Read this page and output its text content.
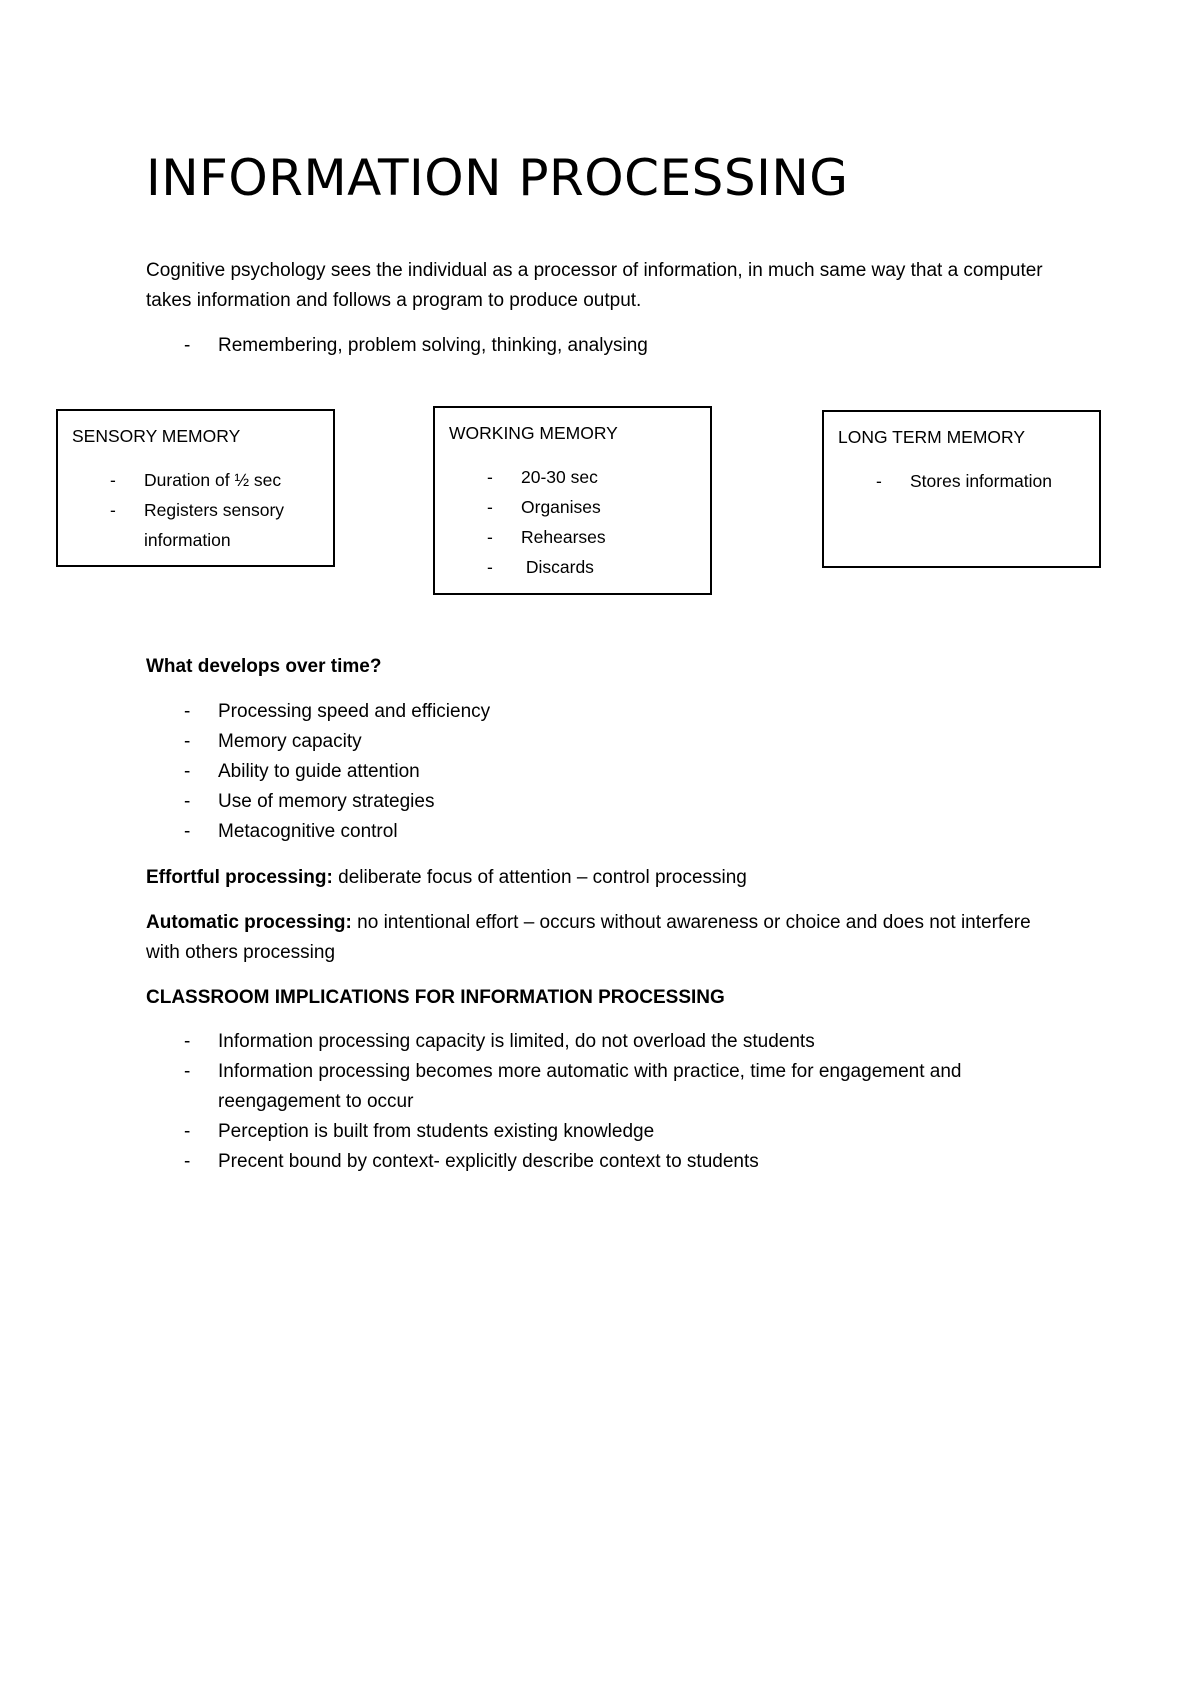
INFORMATION PROCESSING

Cognitive psychology sees the individual as a processor of information, in much same way that a computer takes information and follows a program to produce output.

- Remembering, problem solving, thinking, analysing
SENSORY MEMORY
- Duration of ½ sec
- Registers sensory information
WORKING MEMORY
- 20-30 sec
- Organises
- Rehearses
- Discards
LONG TERM MEMORY
- Stores information

What develops over time?

- Processing speed and efficiency
- Memory capacity
- Ability to guide attention
- Use of memory strategies
- Metacognitive control

Effortful processing: deliberate focus of attention – control processing

Automatic processing: no intentional effort – occurs without awareness or choice and does not interfere with others processing

CLASSROOM IMPLICATIONS FOR INFORMATION PROCESSING

- Information processing capacity is limited, do not overload the students
- Information processing becomes more automatic with practice, time for engagement and reengagement to occur
- Perception is built from students existing knowledge
- Precent bound by context- explicitly describe context to students
